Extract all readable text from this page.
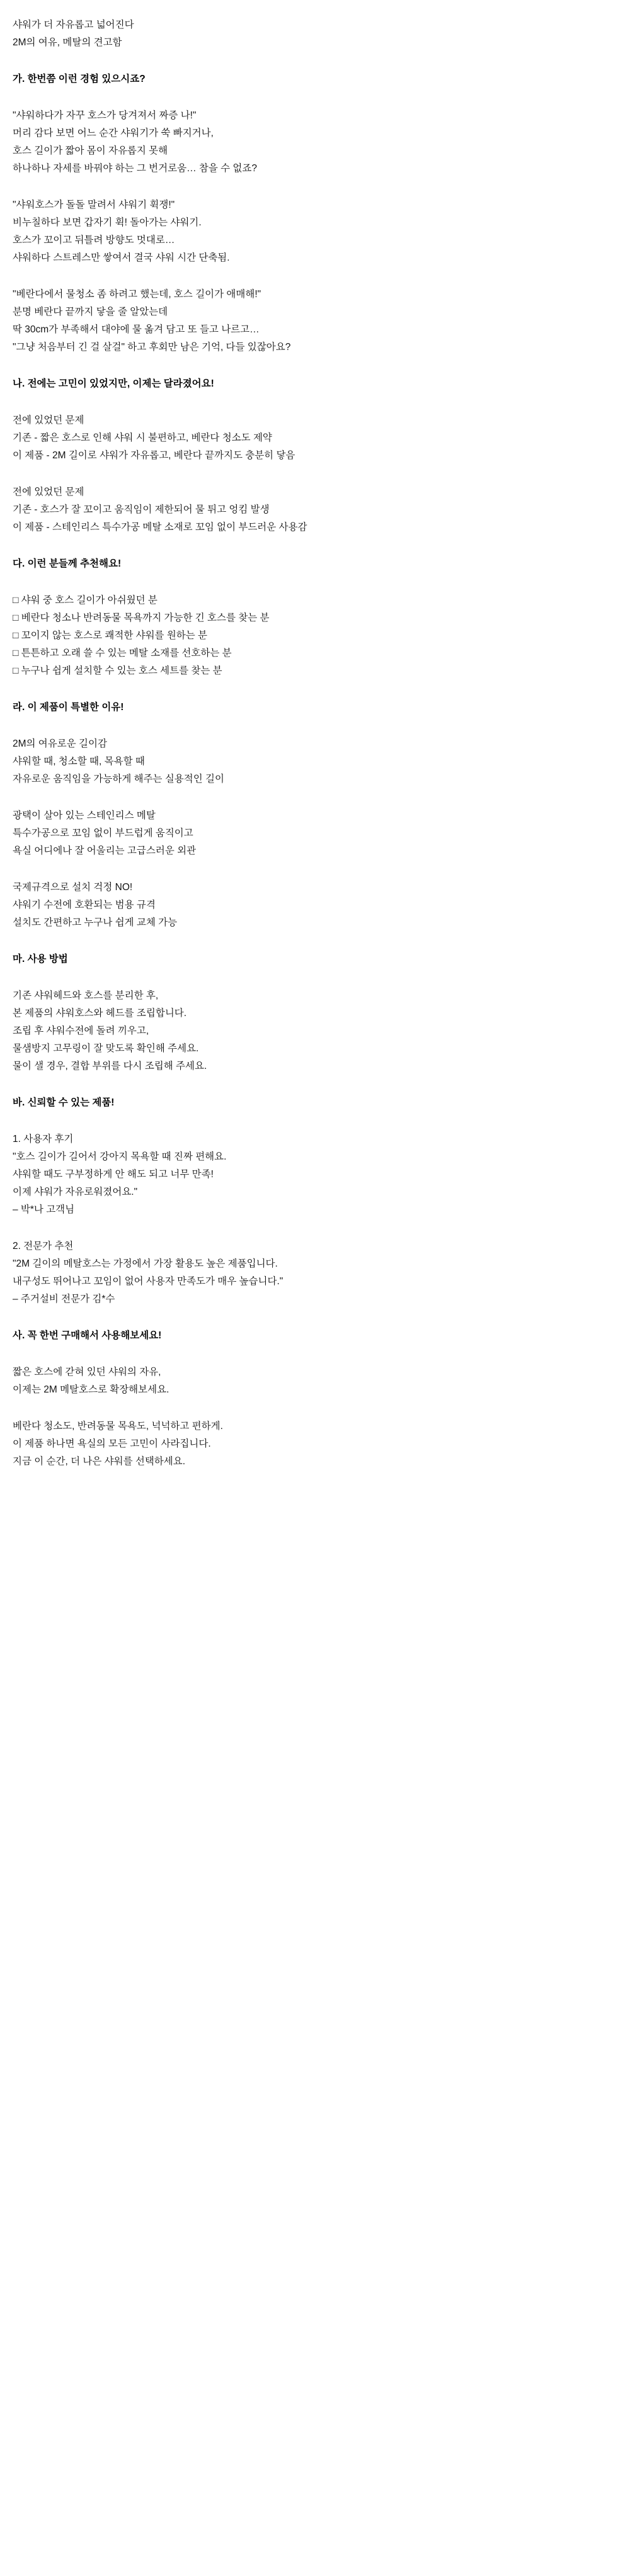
샤워가 더 자유롭고 넓어진다
2M의 여유, 메탈의 견고함
가. 한번쯤 이런 경험 있으시죠?
"샤워하다가 자꾸 호스가 당겨져서 짜증 나!"
머리 감다 보면 어느 순간 샤워기가 쑥 빠지거나,
호스 길이가 짧아 몸이 자유롭지 못해
하나하나 자세를 바꿔야 하는 그 번거로움… 참을 수 없죠?
"샤워호스가 돌돌 말려서 샤워기 휙쟁!"
비누칠하다 보면 갑자기 휙! 돌아가는 샤워기.
호스가 꼬이고 뒤틀려 방향도 멋대로…
샤워하다 스트레스만 쌓여서 결국 샤워 시간 단축됨.
"베란다에서 물청소 좀 하려고 했는데, 호스 길이가 애매해!"
분명 베란다 끝까지 닿을 줄 알았는데
딱 30cm가 부족해서 대야에 물 옮겨 담고 또 들고 나르고…
"그냥 처음부터 긴 걸 살걸" 하고 후회만 남은 기억, 다들 있잖아요?
나. 전에는 고민이 있었지만, 이제는 달라졌어요!
전에 있었던 문제
기존 - 짧은 호스로 인해 샤워 시 불편하고, 베란다 청소도 제약
이 제품 - 2M 길이로 샤워가 자유롭고, 베란다 끝까지도 충분히 닿음
전에 있었던 문제
기존 - 호스가 잘 꼬이고 움직임이 제한되어 물 튀고 엉킴 발생
이 제품 - 스테인리스 특수가공 메탈 소재로 꼬임 없이 부드러운 사용감
다. 이런 분들께 추천해요!
□ 샤워 중 호스 길이가 아쉬웠던 분
□ 베란다 청소나 반려동물 목욕까지 가능한 긴 호스를 찾는 분
□ 꼬이지 않는 호스로 쾌적한 샤워를 원하는 분
□ 튼튼하고 오래 쓸 수 있는 메탈 소재를 선호하는 분
□ 누구나 쉽게 설치할 수 있는 호스 세트를 찾는 분
라. 이 제품이 특별한 이유!
2M의 여유로운 길이감
샤워할 때, 청소할 때, 목욕할 때
자유로운 움직임을 가능하게 해주는 실용적인 길이
광택이 살아 있는 스테인리스 메탈
특수가공으로 꼬임 없이 부드럽게 움직이고
욕실 어디에나 잘 어울리는 고급스러운 외관
국제규격으로 설치 걱정 NO!
샤워기 수전에 호환되는 범용 규격
설치도 간편하고 누구나 쉽게 교체 가능
마. 사용 방법
기존 샤워헤드와 호스를 분리한 후,
본 제품의 샤워호스와 헤드를 조립합니다.
조립 후 샤워수전에 돌려 끼우고,
물샘방지 고무링이 잘 맞도록 확인해 주세요.
물이 샐 경우, 결합 부위를 다시 조립해 주세요.
바. 신뢰할 수 있는 제품!
1. 사용자 후기
"호스 길이가 길어서 강아지 목욕할 때 진짜 편해요.
샤워할 때도 구부정하게 안 해도 되고 너무 만족!
이제 샤워가 자유로워졌어요."
– 박*나 고객님
2. 전문가 추천
"2M 길이의 메탈호스는 가정에서 가장 활용도 높은 제품입니다.
내구성도 뛰어나고 꼬임이 없어 사용자 만족도가 매우 높습니다."
– 주거설비 전문가 김*수
사. 꼭 한번 구매해서 사용해보세요!
짧은 호스에 갇혀 있던 샤워의 자유,
이제는 2M 메탈호스로 확장해보세요.
베란다 청소도, 반려동물 목욕도, 넉넉하고 편하게.
이 제품 하나면 욕실의 모든 고민이 사라집니다.
지금 이 순간, 더 나은 샤워를 선택하세요.
